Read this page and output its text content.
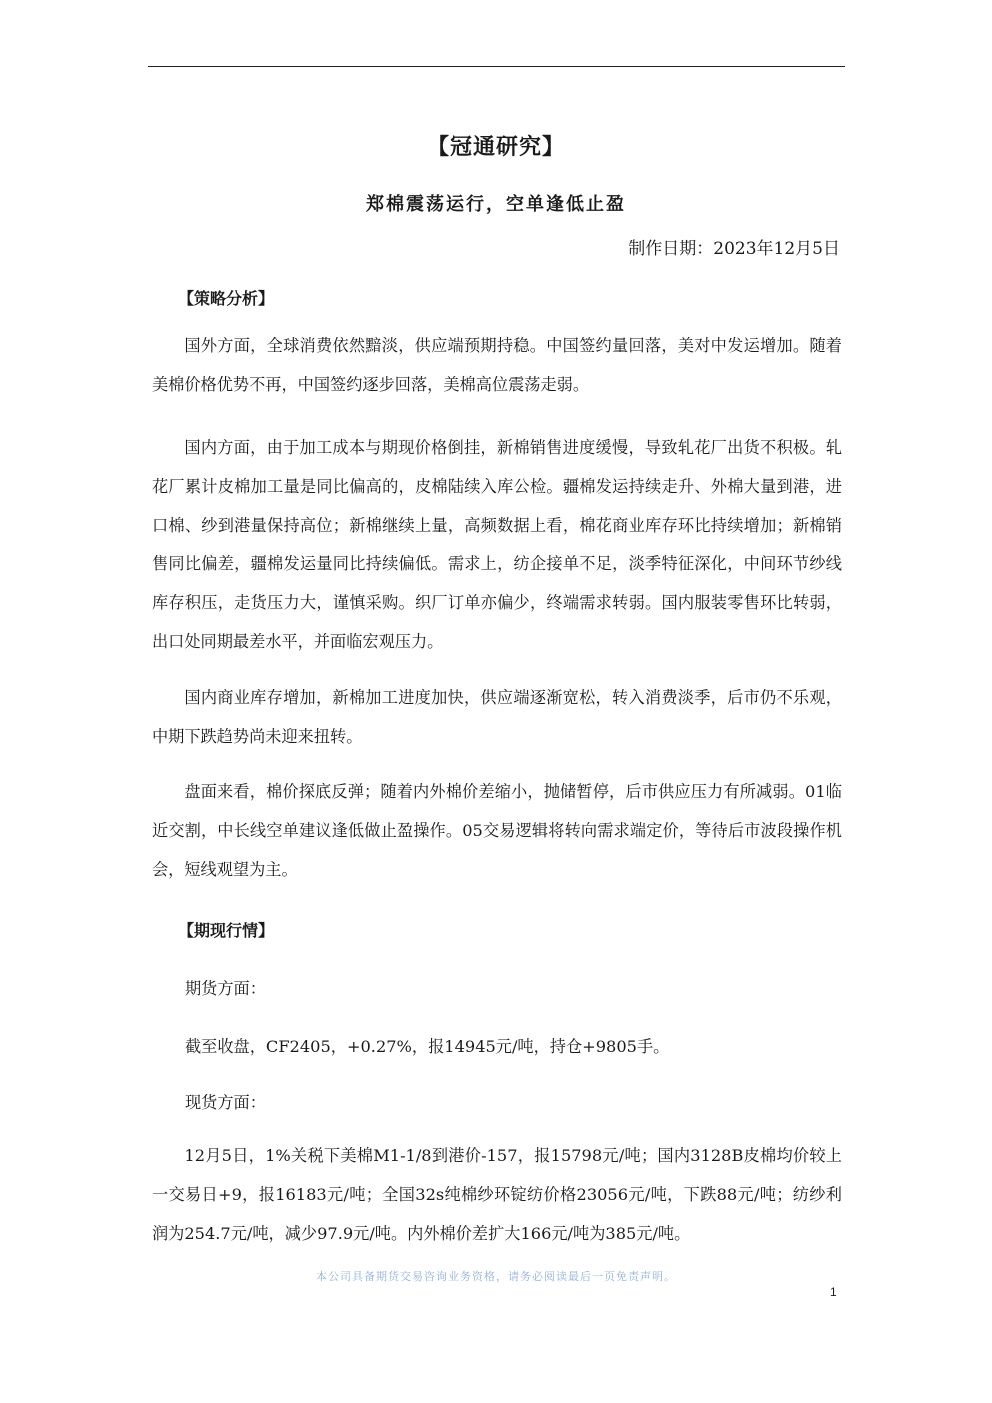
【冠通研究】
郑棉震荡运行，空单逢低止盈
制作日期：2023年12月5日
【策略分析】

国外方面，全球消费依然黯淡，供应端预期持稳。中国签约量回落，美对中发运增加。随着美棉价格优势不再，中国签约逐步回落，美棉高位震荡走弱。

国内方面，由于加工成本与期现价格倒挂，新棉销售进度缓慢，导致轧花厂出货不积极。轧花厂累计皮棉加工量是同比偏高的，皮棉陆续入库公检。疆棉发运持续走升、外棉大量到港，进口棉、纱到港量保持高位；新棉继续上量，高频数据上看，棉花商业库存环比持续增加；新棉销售同比偏差，疆棉发运量同比持续偏低。需求上，纺企接单不足，淡季特征深化，中间环节纱线库存积压，走货压力大，谨慎采购。织厂订单亦偏少，终端需求转弱。国内服装零售环比转弱，出口处同期最差水平，并面临宏观压力。

国内商业库存增加，新棉加工进度加快，供应端逐渐宽松，转入消费淡季，后市仍不乐观，中期下跌趋势尚未迎来扭转。

盘面来看，棉价探底反弹；随着内外棉价差缩小，抛储暂停，后市供应压力有所减弱。01临近交割，中长线空单建议逢低做止盈操作。05交易逻辑将转向需求端定价，等待后市波段操作机会，短线观望为主。

【期现行情】
期货方面：
截至收盘，CF2405，+0.27%，报14945元/吨，持仓+9805手。
现货方面：

12月5日，1%关税下美棉M1-1/8到港价-157，报15798元/吨；国内3128B皮棉均价较上一交易日+9，报16183元/吨；全国32s纯棉纱环锭纺价格23056元/吨，下跌88元/吨；纺纱利润为254.7元/吨，减少97.9元/吨。内外棉价差扩大166元/吨为385元/吨。

本公司具备期货交易咨询业务资格，请务必阅读最后一页免责声明。
1
